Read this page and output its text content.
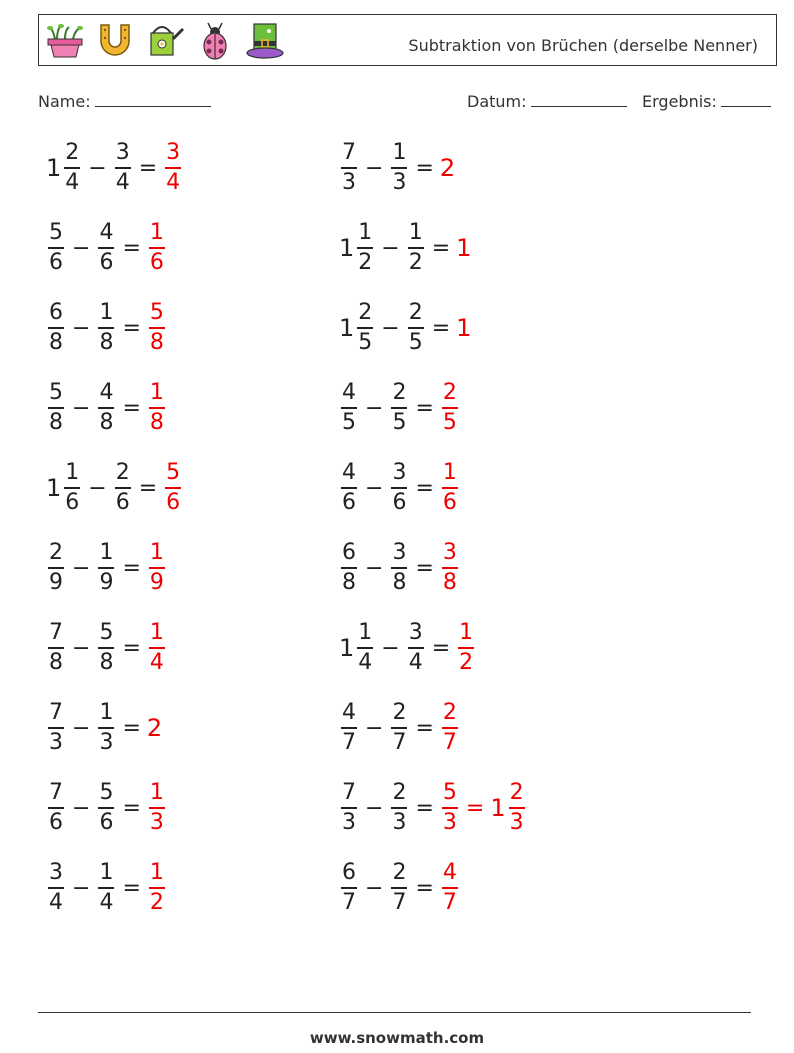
Subtraktion von Brüchen (derselbe Nenner)
Name:	Datum:	Ergebnis:
$1 \frac{2}{4} - \frac{3}{4} = \frac{3}{4}$	$\frac{7}{3} - \frac{1}{3} = 2$
$\frac{5}{6} - \frac{4}{6} = \frac{1}{6}$	$1 \frac{1}{2} - \frac{1}{2} = 1$
$\frac{6}{8} - \frac{1}{8} = \frac{5}{8}$	$1 \frac{2}{5} - \frac{2}{5} = 1$
$\frac{5}{8} - \frac{4}{8} = \frac{1}{8}$	$\frac{4}{5} - \frac{2}{5} = \frac{2}{5}$
$1 \frac{1}{6} - \frac{2}{6} = \frac{5}{6}$	$\frac{4}{6} - \frac{3}{6} = \frac{1}{6}$
$\frac{2}{9} - \frac{1}{9} = \frac{1}{9}$	$\frac{6}{8} - \frac{3}{8} = \frac{3}{8}$
$\frac{7}{8} - \frac{5}{8} = \frac{1}{4}$	$1 \frac{1}{4} - \frac{3}{4} = \frac{1}{2}$
$\frac{7}{3} - \frac{1}{3} = 2$	$\frac{4}{7} - \frac{2}{7} = \frac{2}{7}$
$\frac{7}{6} - \frac{5}{6} = \frac{1}{3}$	$\frac{7}{3} - \frac{2}{3} = \frac{5}{3} = 1 \frac{2}{3}$
$\frac{3}{4} - \frac{1}{4} = \frac{1}{2}$	$\frac{6}{7} - \frac{2}{7} = \frac{4}{7}$
www.snowmath.com
